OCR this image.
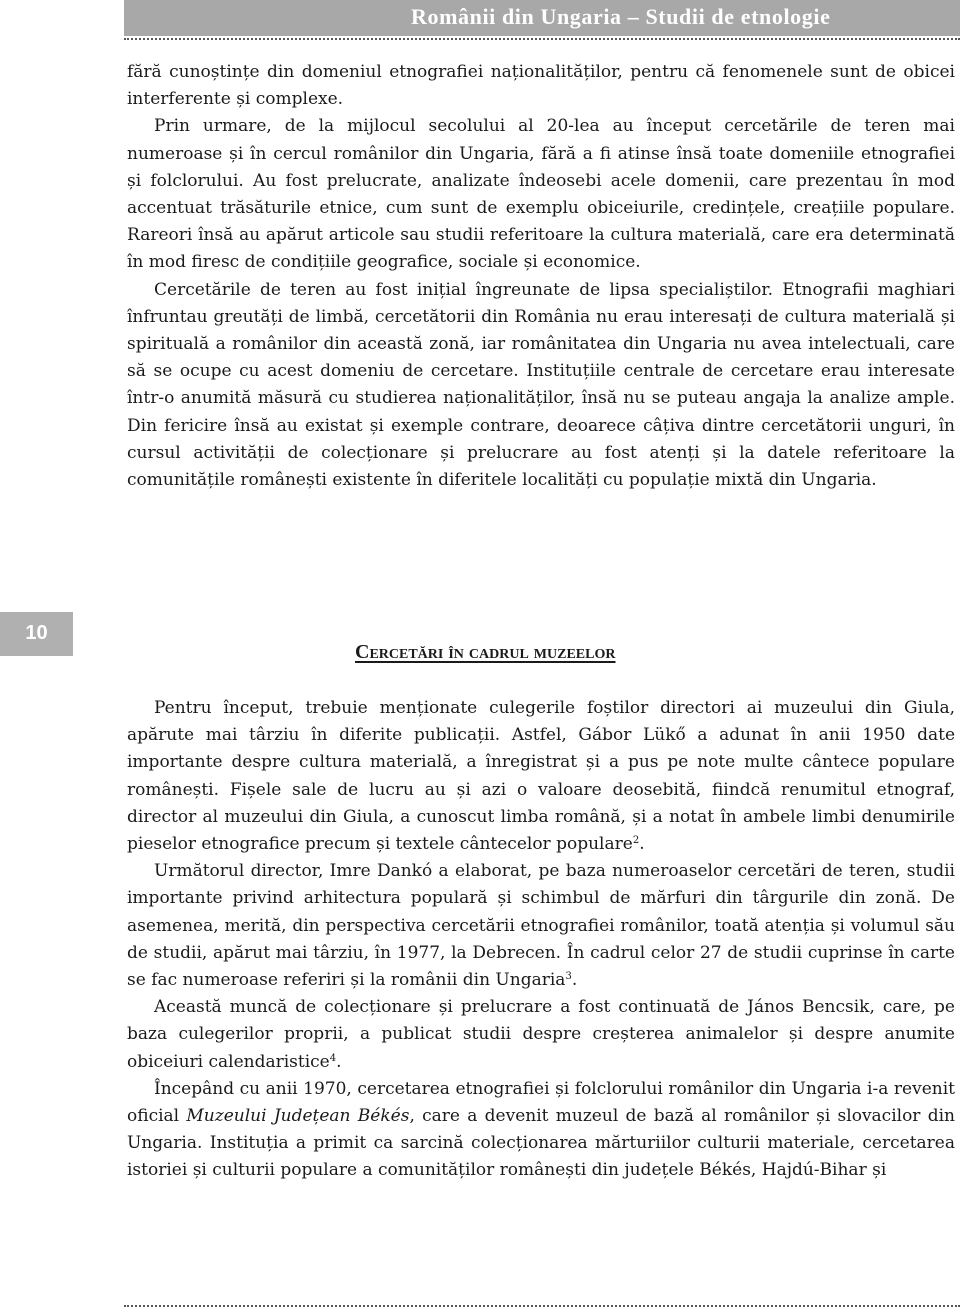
Românii din Ungaria – Studii de etnologie

fără cunoștințe din domeniul etnografiei naționalităților, pentru că fenomenele sunt de obicei interferente și complexe.

Prin urmare, de la mijlocul secolului al 20-lea au început cercetările de teren mai numeroase și în cercul românilor din Ungaria, fără a fi atinse însă toate domeniile etnografiei și folclorului. Au fost prelucrate, analizate îndeosebi acele domenii, care prezentau în mod accentuat trăsăturile etnice, cum sunt de exemplu obiceiurile, credințele, creațiile populare. Rareori însă au apărut articole sau studii referitoare la cultura materială, care era determinată în mod firesc de condițiile geografice, sociale și economice.

Cercetările de teren au fost inițial îngreunate de lipsa specialiștilor. Etnografii maghiari înfruntau greutăți de limbă, cercetătorii din România nu erau interesați de cultura materială și spirituală a românilor din această zonă, iar românitatea din Ungaria nu avea intelectuali, care să se ocupe cu acest domeniu de cercetare. Instituțiile centrale de cercetare erau interesate într-o anumită măsură cu studierea naționalităților, însă nu se puteau angaja la analize ample. Din fericire însă au existat și exemple contrare, deoarece câțiva dintre cercetătorii unguri, în cursul activității de colecționare și prelucrare au fost atenți și la datele referitoare la comunitățile românești existente în diferitele localități cu populație mixtă din Ungaria.

10
Cercetări în cadrul muzeelor

Pentru început, trebuie menționate culegerile foștilor directori ai muzeului din Giula, apărute mai târziu în diferite publicații. Astfel, Gábor Lükő a adunat în anii 1950 date importante despre cultura materială, a înregistrat și a pus pe note multe cântece populare românești. Fișele sale de lucru au și azi o valoare deosebită, fiindcă renumitul etnograf, director al muzeului din Giula, a cunoscut limba română, și a notat în ambele limbi denumirile pieselor etnografice precum și textele cântecelor populare$^2$.

Următorul director, Imre Dankó a elaborat, pe baza numeroaselor cercetări de teren, studii importante privind arhitectura populară și schimbul de mărfuri din târgurile din zonă. De asemenea, merită, din perspectiva cercetării etnografiei românilor, toată atenția și volumul său de studii, apărut mai târziu, în 1977, la Debrecen. În cadrul celor 27 de studii cuprinse în carte se fac numeroase referiri și la românii din Ungaria$^3$.

Această muncă de colecționare și prelucrare a fost continuată de János Bencsik, care, pe baza culegerilor proprii, a publicat studii despre creșterea animalelor și despre anumite obiceiuri calendaristice$^4$.

Începând cu anii 1970, cercetarea etnografiei și folclorului românilor din Ungaria i-a revenit oficial Muzeului Județean Békés, care a devenit muzeul de bază al românilor și slovacilor din Ungaria. Instituția a primit ca sarcină colecționarea mărturiilor culturii materiale, cercetarea istoriei și culturii populare a comunităților românești din județele Békés, Hajdú-Bihar și
